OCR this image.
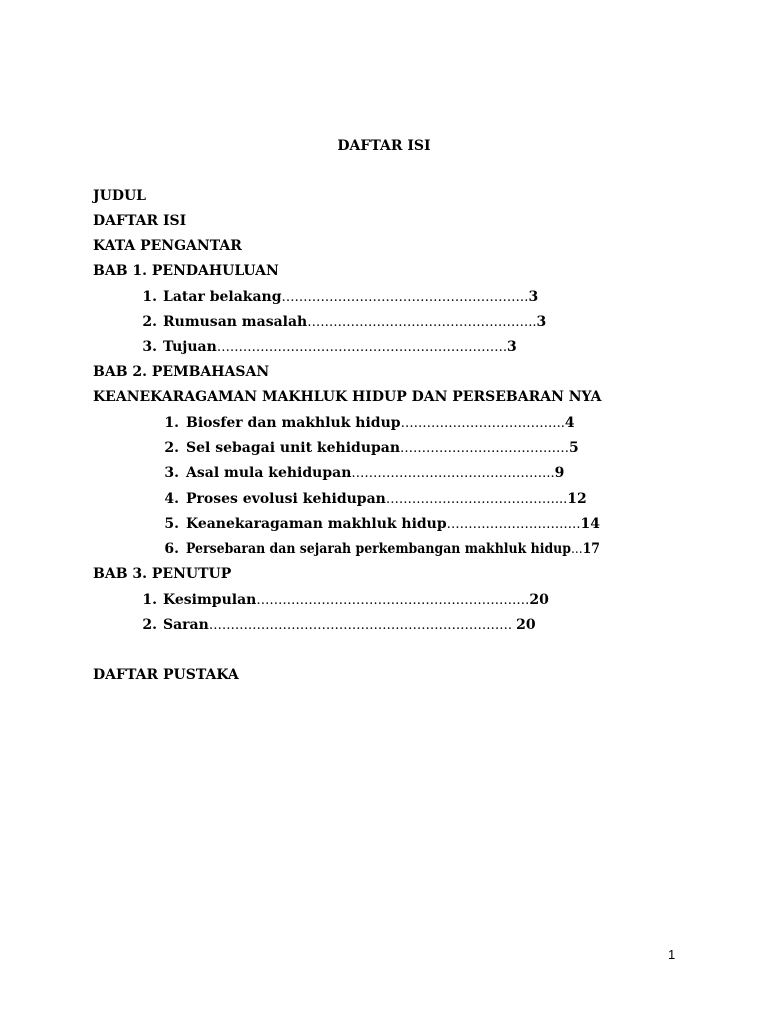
DAFTAR ISI
JUDUL
DAFTAR ISI
KATA PENGANTAR
BAB 1. PENDAHULUAN
1. Latar belakang…………………………………………………3
2. Rumusan masalah……………………………………………..3
3. Tujuan………………………………………………………….3
BAB 2. PEMBAHASAN
KEANEKARAGAMAN MAKHLUK HIDUP DAN PERSEBARAN NYA
1. Biosfer dan makhluk hidup………………………………..4
2. Sel sebagai unit kehidupan…………………………………5
3. Asal mula kehidupan………………………………………..9
4. Proses evolusi kehidupan…………………………………...12
5. Keanekaragaman makhluk hidup………………………….14
6. Persebaran dan sejarah perkembangan makhluk hidup…17
BAB 3. PENUTUP
1. Kesimpulan………………………………………………………20
2. Saran……………………………………………………………. 20
DAFTAR PUSTAKA
1
